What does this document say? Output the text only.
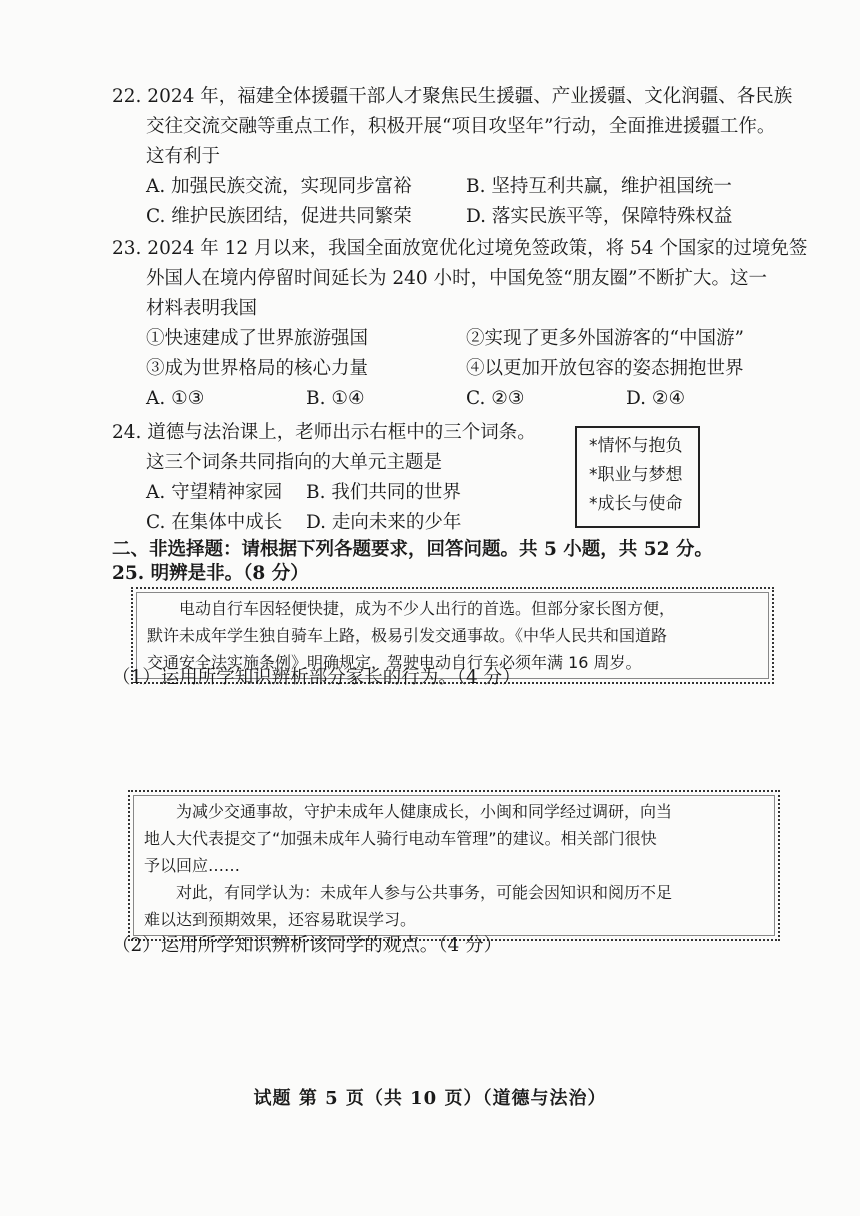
22. 2024 年，福建全体援疆干部人才聚焦民生援疆、产业援疆、文化润疆、各民族
交往交流交融等重点工作，积极开展“项目攻坚年”行动，全面推进援疆工作。
这有利于
A. 加强民族交流，实现同步富裕	B. 坚持互利共赢，维护祖国统一
C. 维护民族团结，促进共同繁荣	D. 落实民族平等，保障特殊权益
23. 2024 年 12 月以来，我国全面放宽优化过境免签政策，将 54 个国家的过境免签
外国人在境内停留时间延长为 240 小时，中国免签“朋友圈”不断扩大。这一
材料表明我国
①快速建成了世界旅游强国	②实现了更多外国游客的“中国游”
③成为世界格局的核心力量	④以更加开放包容的姿态拥抱世界
A. ①③	B. ①④	C. ②③	D. ②④
24. 道德与法治课上，老师出示右框中的三个词条。
这三个词条共同指向的大单元主题是
A. 守望精神家园	B. 我们共同的世界
C. 在集体中成长	D. 走向未来的少年
*情怀与抱负
*职业与梦想
*成长与使命
二、非选择题：请根据下列各题要求，回答问题。共 5 小题，共 52 分。
25. 明辨是非。（8 分）

电动自行车因轻便快捷，成为不少人出行的首选。但部分家长图方便，

默许未成年学生独自骑车上路，极易引发交通事故。《中华人民共和国道路

交通安全法实施条例》明确规定，驾驶电动自行车必须年满 16 周岁。

（1）运用所学知识辨析部分家长的行为。（4 分）

为减少交通事故，守护未成年人健康成长，小闽和同学经过调研，向当

地人大代表提交了“加强未成年人骑行电动车管理”的建议。相关部门很快

予以回应……

对此，有同学认为：未成年人参与公共事务，可能会因知识和阅历不足

难以达到预期效果，还容易耽误学习。

（2）运用所学知识辨析该同学的观点。（4 分）
试题 第 5 页（共 10 页）（道德与法治）
